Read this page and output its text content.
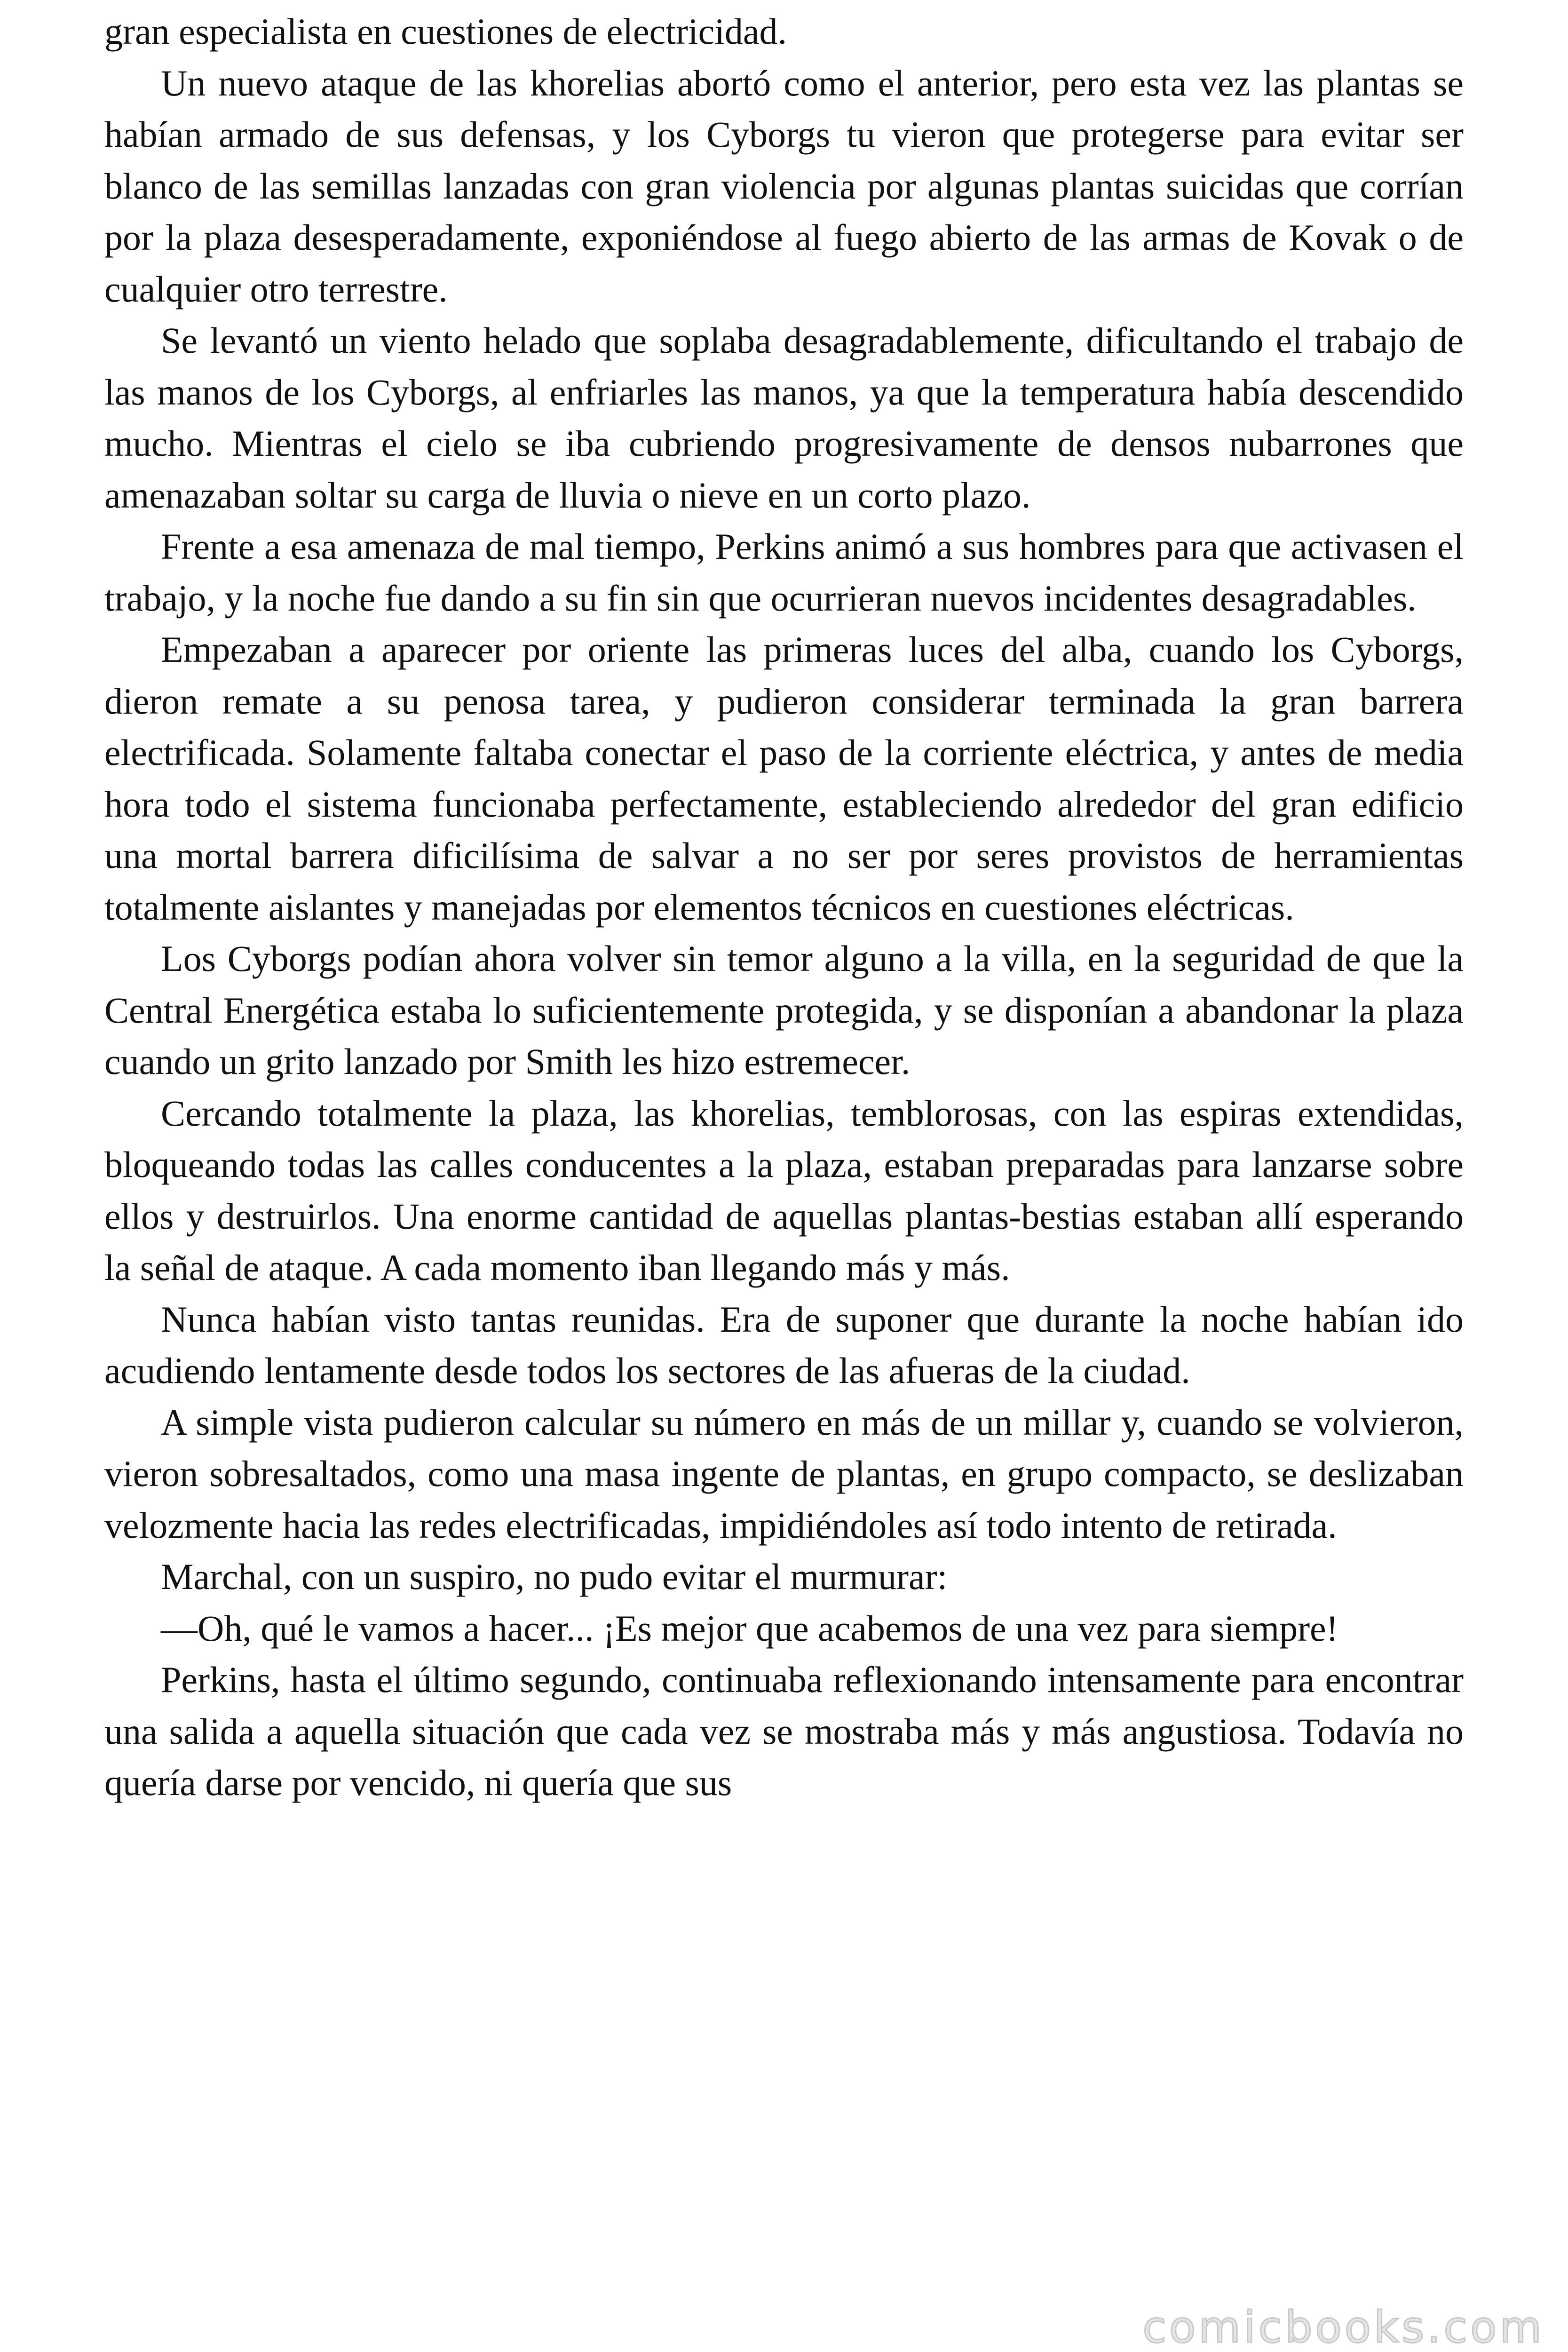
gran especialista en cuestiones de electricidad.

Un nuevo ataque de las khorelias abortó como el anterior, pero esta vez las plantas se habían armado de sus defensas, y los Cyborgs tu vieron que protegerse para evitar ser blanco de las semillas lanzadas con gran violencia por algunas plantas suicidas que corrían por la plaza desesperadamente, exponiéndose al fuego abierto de las armas de Kovak o de cualquier otro terrestre.

Se levantó un viento helado que soplaba desagradablemente, dificultando el trabajo de las manos de los Cyborgs, al enfriarles las manos, ya que la temperatura había descendido mucho. Mientras el cielo se iba cubriendo progresivamente de densos nubarrones que amenazaban soltar su carga de lluvia o nieve en un corto plazo.

Frente a esa amenaza de mal tiempo, Perkins animó a sus hombres para que activasen el trabajo, y la noche fue dando a su fin sin que ocurrieran nuevos incidentes desagradables.

Empezaban a aparecer por oriente las primeras luces del alba, cuando los Cyborgs, dieron remate a su penosa tarea, y pudieron considerar terminada la gran barrera electrificada. Solamente faltaba conectar el paso de la corriente eléctrica, y antes de media hora todo el sistema funcionaba perfectamente, estableciendo alrededor del gran edificio una mortal barrera dificilísima de salvar a no ser por seres provistos de herramientas totalmente aislantes y manejadas por elementos técnicos en cuestiones eléctricas.

Los Cyborgs podían ahora volver sin temor alguno a la villa, en la seguridad de que la Central Energética estaba lo suficientemente protegida, y se disponían a abandonar la plaza cuando un grito lanzado por Smith les hizo estremecer.

Cercando totalmente la plaza, las khorelias, temblorosas, con las espiras extendidas, bloqueando todas las calles conducentes a la plaza, estaban preparadas para lanzarse sobre ellos y destruirlos. Una enorme cantidad de aquellas plantas-bestias estaban allí esperando la señal de ataque. A cada momento iban llegando más y más.

Nunca habían visto tantas reunidas. Era de suponer que durante la noche habían ido acudiendo lentamente desde todos los sectores de las afueras de la ciudad.

A simple vista pudieron calcular su número en más de un millar y, cuando se volvieron, vieron sobresaltados, como una masa ingente de plantas, en grupo compacto, se deslizaban velozmente hacia las redes electrificadas, impidiéndoles así todo intento de retirada.

Marchal, con un suspiro, no pudo evitar el murmurar:

—Oh, qué le vamos a hacer... ¡Es mejor que acabemos de una vez para siempre!

Perkins, hasta el último segundo, continuaba reflexionando intensamente para encontrar una salida a aquella situación que cada vez se mostraba más y más angustiosa. Todavía no quería darse por vencido, ni quería que sus

comicbooks.com
